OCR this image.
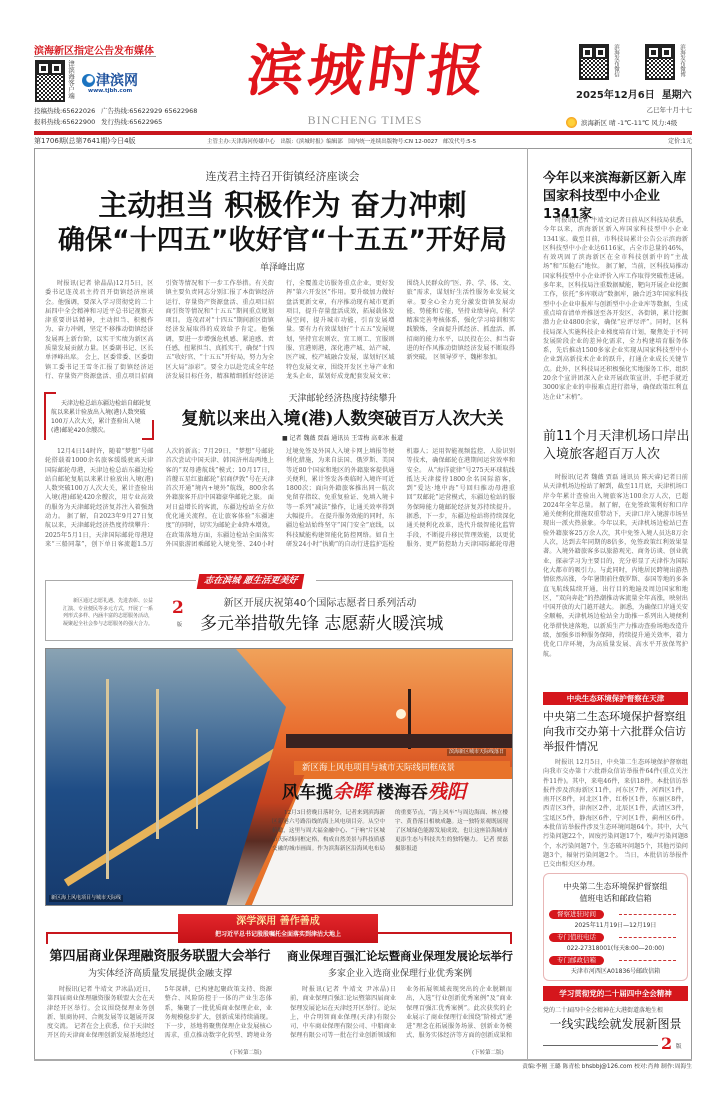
滨海新区指定公告发布媒体
津滨海客户端 津滨网
www.tjbh.com
投稿热线:65622026 广告热线:65622929 65622968
报料热线:65622900 发行热线:65622965
滨城时报
BINCHENG TIMES
滨海发布微信	滨海发布微博
2025年12月6日 星期六
乙巳年十月十七
滨海新区 晴 -1℃-11℃ 风力:4级
第1706期(总第7641期)今日4版	主管主办:天津海河传媒中心　出版:《滨城时报》编辑部　国内统一连续出版物号:CN 12-0027　邮发代号:5-5	定价:1元
连茂君主持召开街镇经济座谈会
主动担当 积极作为 奋力冲刺
确保“十四五”收好官“十五五”开好局
单泽峰出席
时报讯(记者 徐晶晶)12月5日，区委书记连茂君主持召开街镇经济座谈会。他强调，要深入学习贯彻党的二十届四中全会精神和习近平总书记视察天津重要讲话精神，主动担当、积极作为、奋力冲刺，坚定不移推动街镇经济发展再上新台阶，以实干实绩为新区高质量发展贡献力量。区委副书记、区长单泽峰出席。 会上，区委常委、区委街镇工委书记王雪冬汇报了街镇经济运行、存量资产资源盘活、重点项目招商引资等情况和下一步工作举措。有关街镇主要负责同志分别汇报了本街镇经济运行、存量资产资源盘活、重点项目招商引资等情况和“十五五”期间重点规划项目。 连茂君对“十四五”期间新区街镇经济发展取得的成效给予肯定。他强调，要进一步增强危机感、紧迫感、责任感，扭紧担当、真抓实干，确保“十四五”收好官、“十五五”开好局，努力为全区大局“添彩”。要全力以赴完成全年经济发展目标任务，精准精细抓好经济运行，全覆盖走访服务重点企业，更好发挥“第六开发区”作用。要升级加力做好盘活更新文章，有序推动现有城市更新项目，提升存量盘活成效，拓展载体发展空间，提升城市功能，引育发展增量。要有力有效谋划好“十五五”发展规划，坚持宜农则农、宜工则工、宜服则服、宜港则港，深化港产城、站产城、医产城、校产城融合发展，谋划好区域特色发展文章，围绕开发区主导产业和龙头企业，谋划好成龙配套发展文章；围绕人民群众的“医、养、学、体、文、旅”需求，谋划好生活性服务业发展文章。要全心全力充分激发街镇发展动能、势能和专能，坚持业绩导向，科学精准完善考核体系，强化学习培训和实践锻炼，全面提升抓经济、抓盘活、抓招商的能力水平，以民投在公、担当奋进的好作风推动街镇经济发展不断取得新突破。 区领导罗平、魏彬参加。
天津边检总站东疆边检站自邮轮复航以来累计验放出入境(港)人数突破100万人次大关，累计查验出入境(港)邮轮420余艘次。
天津邮轮经济热度持续攀升
复航以来出入境(港)人数突破百万人次大关
■ 记者 魏薇 贾磊 通讯员 王雪梅 高亚冰 报道
12月4日14时许，随着“梦想”号邮轮搭载着1000余名旅客缓缓驶离天津国际邮轮母港，天津边检总站东疆边检站自邮轮复航以来累计验放出入境(港)人数突破100万人次大关，累计查验出入境(港)邮轮420余艘次，用专业高效的服务为天津邮轮经济复苏注入着强劲动力。 据了解，自2023年9月27日复航以来，天津邮轮经济热度持续攀升：2025年5月1日，天津国际邮轮母港迎来“三船同靠”，创下单日客流超1.5万人次的新高；7月29日，“梦想”号邮轮首次尝试中国天津、韩国济州岛两地上客的“双母港航线”模式；10月17日，首艘五星红旗邮轮“招商伊敦”号在天津首次开通“境内+境外”航线，800余名外籍旅客开启中国籍豪华邮轮之旅。 面对日益增长的客流，东疆边检站全方位优化通关流程，在让旅客体验“东疆速度”的同时，切实为邮轮企业降本增效。在政策落地方面，东疆边检站全面落实外国旅游团乘邮轮入境免签、240小时过境免签及外国人入境卡网上填报等便利化措施，为来自法国、俄罗斯、美国等近80个国家和地区的外籍旅客提供通关便利，累计签发各类临时入境许可近1800次；面向外籍旅客推出同一航次免留存指纹、免重复验证、免填入境卡等一系列“减法”操作，让通关效率得到大幅提升。 在提升服务效能的同时，东疆边检站始终坚守“国门安全”底线，以科技赋能构建智能化防控网络。如自主研发24小时“执勤”的自动行进监护巡检机器人；运用智能视频监控、人脸识别等技术，确保邮轮在港期间运营效率和安全。 从“海洋旋律”号275天环球航线抵达天津接待1800余名国际游客，到“爱达·地中海”号回归推动母港重回“双邮轮”运营模式，东疆边检站的服务保障能力随邮轮经济复苏持续提升。据悉，下一步，东疆边检站将持续深化通关便利化改革，迭代升级智能化监管手段，不断提升移民管理效能，以更优服务、更严防控助力天津国际邮轮母港
志在滨城 愿生活更美好
新区通过志愿礼遇、先进表彰、公益汇演、专业便民等多元方式，开展了一系列形式多样、内涵丰富的志愿服务活动，凝聚起全社会参与志愿服务的强大合力。
2
版
新区开展庆祝第40个国际志愿者日系列活动
多元举措敬先锋 志愿薪火暖滨城
滨海新区城市天际线落日
新区海上风电项目与城市天际线
新区海上风电项目与城市天际线同框成景
风车揽余晖 楼海吞残阳
12月3日傍晚日落时分，记者来到滨海新区新港六号路沿线的海上风电项目旁。从空中俯瞰，这里与周大福金融中心、“于响”片区城市天际线同框定格，构成自然美景与科技质感交融的城市画面。作为滨海新区沿海风电布局的重要节点，“海上风车”与周边海面、林立楼宇、黄昏落日相映成趣。这一独特景观既展现了区域绿色能源发展成效，也让这座沿海城市更添生态与科技共生的独特魅力。 记者 贾磊 摄影报道
深学深用 善作善成
把习近平总书记殷殷嘱托全面落实到津沽大地上
第四届商业保理融资服务联盟大会举行
为实体经济高质量发展提供金融支撑
时报讯(记者 牛靖文 尹冰晶)近日，第四届商业保理融资服务联盟大会在天津经开区举行。会议围绕保理业务创新、银商协同、合规发展等议题展开深度交流。 记者在会上获悉，位于天津经开区的天津商业保理创新发展基地经过5年深耕，已构建起聚政策支持、资源整合、风险防控于一体的产业生态体系，集聚了一批优质商业保理企业，业务规模稳步扩大，创新成果持续涌现。下一步，基地将聚焦保理企业发展核心需求，重点推动数字化转型、跨境业务
(下转第二版)
商业保理百强汇论坛暨商业保理发展论坛举行
多家企业入选商业保理行业优秀案例
时报讯(记者 牛靖文 尹冰晶)日前，商业保理百强汇论坛暨第四届商业保理发展论坛在天津经开区举行。论坛上，中合明智商业保理(天津)有限公司、中车商业保理有限公司、中船商业保理有限公司等一批在行业创新领域和业务拓展领域表现突出的企业脱颖而出，入选“行业创新优秀案例”及“商业保理百强汇优秀案例”。此次获奖的企业展示了商业保理行业围绕“阶梯式”递进“理念在拓展服务场景、创新业务模式、服务实体经济等方面的创新成果和
(下转第二版)
今年以来滨海新区新入库国家科技型中小企业1341家
时报讯(记者 牛靖文)记者日前从区科技局获悉，今年以来，滨海新区新入库国家科技型中小企业1341家。截至目前，市科技局累计公告公示滨海新区科技型中小企业达6116家，占全市总量的46%，有效巩固了滨海新区在全市科技创新中的“主战场”和“压舱石”地位。 据了解，当前，区科技局推动国家科技型中小企业评价入库工作取得突破性进展。多年来，区科技局注重数据赋能，靶向开展企业挖掘工作，依托“多库联动”数据库，融合近3年国家科技型中小企业申报库与创新型中小企业库等数据，生成重点培育清单并推送至各开发区、各街镇，累计挖掘潜力企业4800余家，确保“应评尽评”。同时，区科技局深入实施科技企业梯度培育计划，聚焦处于不同发展阶段企业的差异化需求，全力构建培育服务体系，先后推动1500多家企业实现从国家科技型中小企业到高新技术企业的跃升，打通企业成长关键节点。此外，区科技局还积极强化实地服务工作，组织20余个宣讲团深入企业开展政策宣讲，手把手就近3000家企业的申报难点进行指导，确保政策红利直达企业“末梢”。
前11个月天津机场口岸出入境旅客超百万人次
时报讯(记者 魏薇 贾磊 通讯员 陈天睿)记者日前从天津机场边检站了解到，截至11月底，天津机场口岸今年累计查验出入境旅客达100余万人次，已超2024年全年总量。 据了解，在免签政策利好和口岸通关便利化措施双重带动下，天津口岸入境游市场呈现出一派火热景象。今年以来，天津机场边检站已查验外籍旅客25万余人次，其中免签入境人员达8万余人次，达到去年同期的8倍多，免签政策红利效果显著。入境外籍旅客多以旅游观光、商务访谈、创业就业、探亲学习为主要目的，充分彰显了天津作为国际化大都市的吸引力。与此同时，内地居民跨境出游热情依然高涨，今年暑期前往俄罗斯、泰国等地的多条直飞航线陆续开通，出行目的地遍及周边国家和地区，“双向奔赴”的热潮推动客流量全年高涨，映射出中国开放的大门越开越大。 据悉，为确保口岸通关安全顺畅，天津机场边检站全力助推一系列出入境便利化举措快速落地，以新质生产力推动查验场地改造升级，加强多语种服务保障，持续提升通关效率，着力优化口岸环境，为高质量发展、高水平开放保驾护航。
中央生态环境保护督察在天津
中央第二生态环境保护督察组向我市交办第十六批群众信访举报件情况
时报讯 12月5日，中央第二生态环境保护督察组向我市交办第十六批群众信访举报件64件(重点关注件11件)。其中，来电46件，来信18件。本批信访举报件涉及滨海新区11件，河东区7件，河西区1件，南开区8件，河北区1件，红桥区1件，东丽区8件，西青区3件，津南区2件，北辰区1件，武清区3件，宝坻区5件，静海区6件，宁河区1件，蓟州区6件。 本批信访举报件涉及生态环境问题64个。其中，大气污染问题22个，固废污染问题17个，噪声污染问题8个，水污染问题7个，生态破坏问题5个，其他污染问题3个，辐射污染问题2个。 当日，本批信访举报件已交由相关区办理。
中央第二生态环境保护督察组值班电话和邮政信箱
督察进驻时间
2025年11月19日—12月19日
专门值班电话
022-27318001(每天8:00—20:00)
专门邮政信箱
天津市河西区A01836号邮政信箱
学习贯彻党的二十届四中全会精神
党的二十届四中全会精神在大港街道落地生根
一线实践绘就发展新图景
2 版
责编:李刚 王璐 陈青松 bhsbbj@126.com 校对:肖帅 制作:周海生
